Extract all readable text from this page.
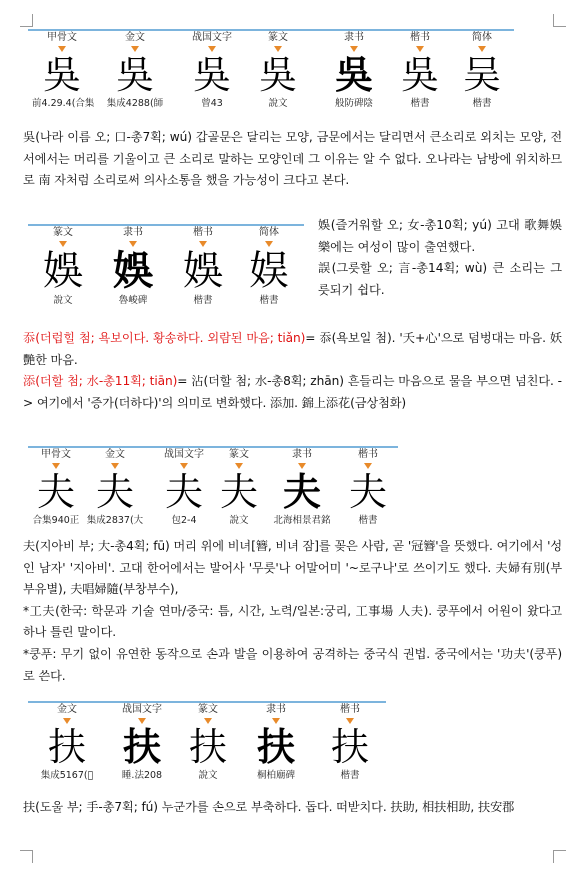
甲骨文
吳
前4.29.4(合集
金文
吳
集成4288(師
战国文字
吳
曾43
篆文
吳
說文
隶书
吳
般防碑陰
楷书
吳
楷書
简体
吴
楷書

吳(나라 이름 오; 口-총7획; wú) 갑골문은 달리는 모양, 금문에서는 달리면서 큰소리로 외치는 모양, 전서에서는 머리를 기울이고 큰 소리로 말하는 모양인데 그 이유는 알 수 없다. 오나라는 남방에 위치하므로 南 자처럼 소리로써 의사소통을 했을 가능성이 크다고 본다.

篆文
娛
說文
隶书
娛
魯峻碑
楷书
娛
楷書
简体
娱
楷書

娛(즐거워할 오; 女-총10획; yú) 고대 歌舞娛樂에는 여성이 많이 출연했다.

誤(그릇할 오; 言-총14획; wù) 큰 소리는 그릇되기 쉽다.

忝(더럽힐 첨; 욕보이다. 황송하다. 외람된 마음; tiǎn)= 忝(욕보일 첨). '夭+心'으로 덤벙대는 마음. 妖艷한 마음.

添(더할 첨; 水-총11획; tiān)= 沾(더할 첨; 水-총8획; zhān) 흔들리는 마음으로 물을 부으면 넘친다. -> 여기에서 '증가(더하다)'의 의미로 변화했다. 添加. 錦上添花(금상첨화)

甲骨文
夫
合集940正
金文
夫
集成2837(大
战国文字
夫
包2-4
篆文
夫
說文
隶书
夫
北海相景君銘
楷书
夫
楷書

夫(지아비 부; 大-총4획; fū) 머리 위에 비녀[簪, 비녀 잠]를 꽂은 사람, 곧 '冠簪'을 뜻했다. 여기에서 '성인 남자' '지아비'. 고대 한어에서는 발어사 '무릇'나 어말어미 '~로구나'로 쓰이기도 했다. 夫婦有別(부부유별), 夫唱婦隨(부창부수),

*工夫(한국: 학문과 기술 연마/중국: 틈, 시간, 노력/일본:궁리, 工事場 人夫). 쿵푸에서 어원이 왔다고 하나 틀린 말이다.

*쿵푸: 무기 없이 유연한 동작으로 손과 발을 이용하여 공격하는 중국식 권법. 중국에서는 '功夫'(쿵푸)로 쓴다.

金文
扶
集成5167(𡦐
战国文字
扶
睡.法208
篆文
扶
說文
隶书
扶
桐柏廟碑
楷书
扶
楷書

扶(도울 부; 手-총7획; fú) 누군가를 손으로 부축하다. 돕다. 떠받치다. 扶助, 相扶相助, 扶安郡
